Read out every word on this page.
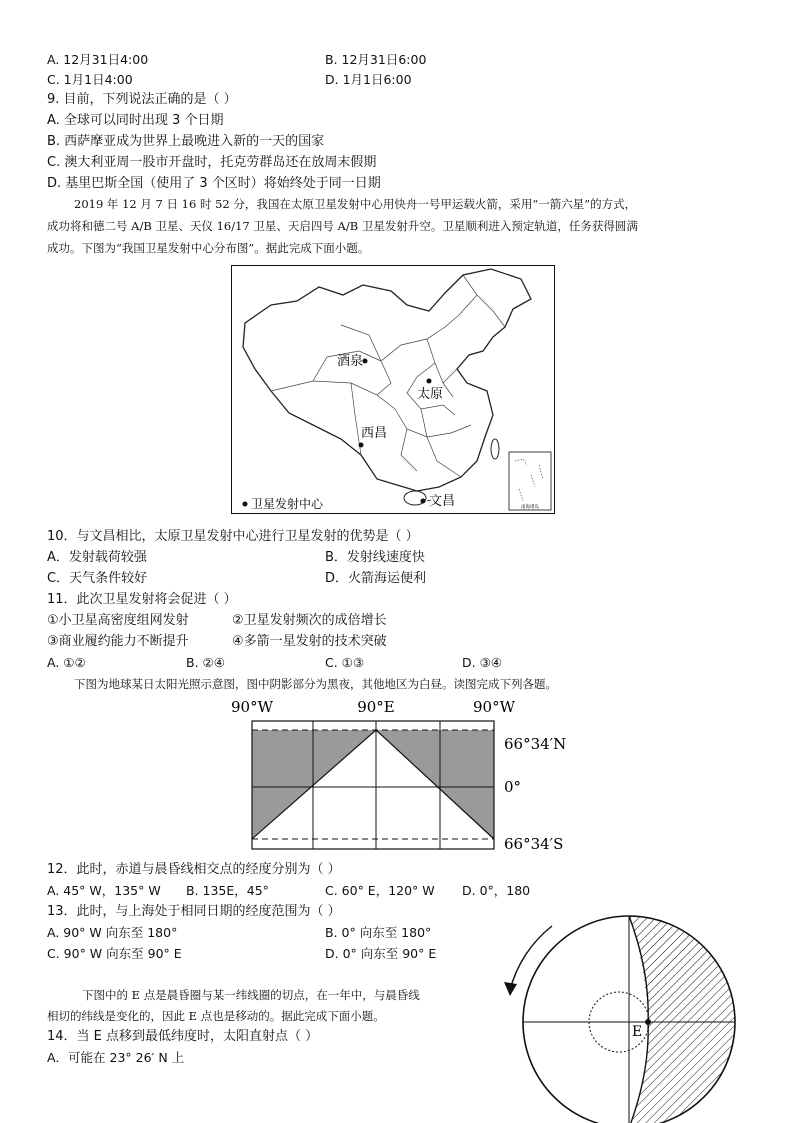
A. 12月31日4:00	B. 12月31日6:00
C. 1月1日4:00	D. 1月1日6:00
9. 目前，下列说法正确的是（ ）
A. 全球可以同时出现 3 个日期
B. 西萨摩亚成为世界上最晚进入新的一天的国家
C. 澳大利亚周一股市开盘时，托克劳群岛还在放周末假期
D. 基里巴斯全国（使用了 3 个区时）将始终处于同一日期
2019 年 12 月 7 日 16 时 52 分，我国在太原卫星发射中心用快舟一号甲运载火箭，采用“一箭六星”的方式，
成功将和德二号 A/B 卫星、天仪 16/17 卫星、天启四号 A/B 卫星发射升空。卫星顺利进入预定轨道，任务获得圆满
成功。下图为“我国卫星发射中心分布图”。据此完成下面小题。
南海诸岛
酒泉
太原
西昌
文昌
卫星发射中心
10．与文昌相比，太原卫星发射中心进行卫星发射的优势是（ ）
A．发射载荷较强	B．发射线速度快
C．天气条件较好	D．火箭海运便利
11．此次卫星发射将会促进（ ）
①小卫星高密度组网发射	②卫星发射频次的成倍增长
③商业履约能力不断提升	④多箭一星发射的技术突破
A. ①②	B. ②④	C. ①③	D. ③④
下图为地球某日太阳光照示意图，图中阴影部分为黑夜，其他地区为白昼。读图完成下列各题。
90°W	90°E	90°W
66°34′N
0°
66°34′S
12．此时，赤道与晨昏线相交点的经度分别为（ ）
A. 45° W，135° W B. 135E，45°	C. 60° E，120° W D. 0°，180
13．此时，与上海处于相同日期的经度范围为（ ）
A. 90° W 向东至 180°	B. 0° 向东至 180°
C. 90° W 向东至 90° E	D. 0° 向东至 90° E
下图中的 E 点是晨昏圈与某一纬线圈的切点，在一年中，与晨昏线
相切的纬线是变化的，因此 E 点也是移动的。据此完成下面小题。
14．当 E 点移到最低纬度时，太阳直射点（ ）
A．可能在 23° 26′ N 上
E
